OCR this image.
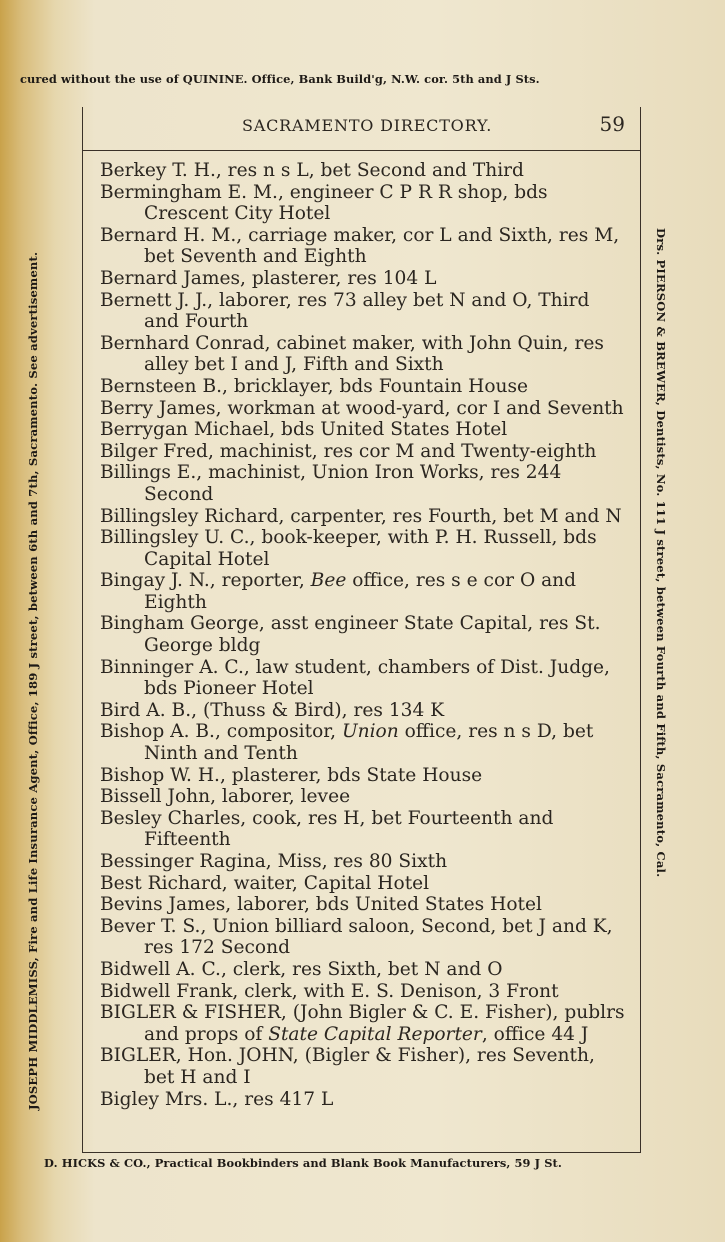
cured without the use of QUININE. Office, Bank Build'g, N.W. cor. 5th and J Sts.
JOSEPH MIDDLEMISS, Fire and Life Insurance Agent, Office, 189 J street, between 6th and 7th, Sacramento. See advertisement.	Drs. PIERSON & BREWER, Dentists, No. 111 J street, between Fourth and Fifth, Sacramento, Cal.
SACRAMENTO DIRECTORY.	59

Berkey T. H., res n s L, bet Second and Third

Bermingham E. M., engineer C P R R shop, bds Crescent City Hotel

Bernard H. M., carriage maker, cor L and Sixth, res M, bet Seventh and Eighth

Bernard James, plasterer, res 104 L

Bernett J. J., laborer, res 73 alley bet N and O, Third and Fourth

Bernhard Conrad, cabinet maker, with John Quin, res alley bet I and J, Fifth and Sixth

Bernsteen B., bricklayer, bds Fountain House

Berry James, workman at wood-yard, cor I and Seventh

Berrygan Michael, bds United States Hotel

Bilger Fred, machinist, res cor M and Twenty-eighth

Billings E., machinist, Union Iron Works, res 244 Second

Billingsley Richard, carpenter, res Fourth, bet M and N

Billingsley U. C., book-keeper, with P. H. Russell, bds Capital Hotel

Bingay J. N., reporter, Bee office, res s e cor O and Eighth

Bingham George, asst engineer State Capital, res St. George bldg

Binninger A. C., law student, chambers of Dist. Judge, bds Pioneer Hotel

Bird A. B., (Thuss & Bird), res 134 K

Bishop A. B., compositor, Union office, res n s D, bet Ninth and Tenth

Bishop W. H., plasterer, bds State House

Bissell John, laborer, levee

Besley Charles, cook, res H, bet Fourteenth and Fifteenth

Bessinger Ragina, Miss, res 80 Sixth

Best Richard, waiter, Capital Hotel

Bevins James, laborer, bds United States Hotel

Bever T. S., Union billiard saloon, Second, bet J and K, res 172 Second

Bidwell A. C., clerk, res Sixth, bet N and O

Bidwell Frank, clerk, with E. S. Denison, 3 Front

BIGLER & FISHER, (John Bigler & C. E. Fisher), publrs and props of State Capital Reporter, office 44 J

BIGLER, Hon. JOHN, (Bigler & Fisher), res Seventh, bet H and I

Bigley Mrs. L., res 417 L

D. HICKS & CO., Practical Bookbinders and Blank Book Manufacturers, 59 J St.
